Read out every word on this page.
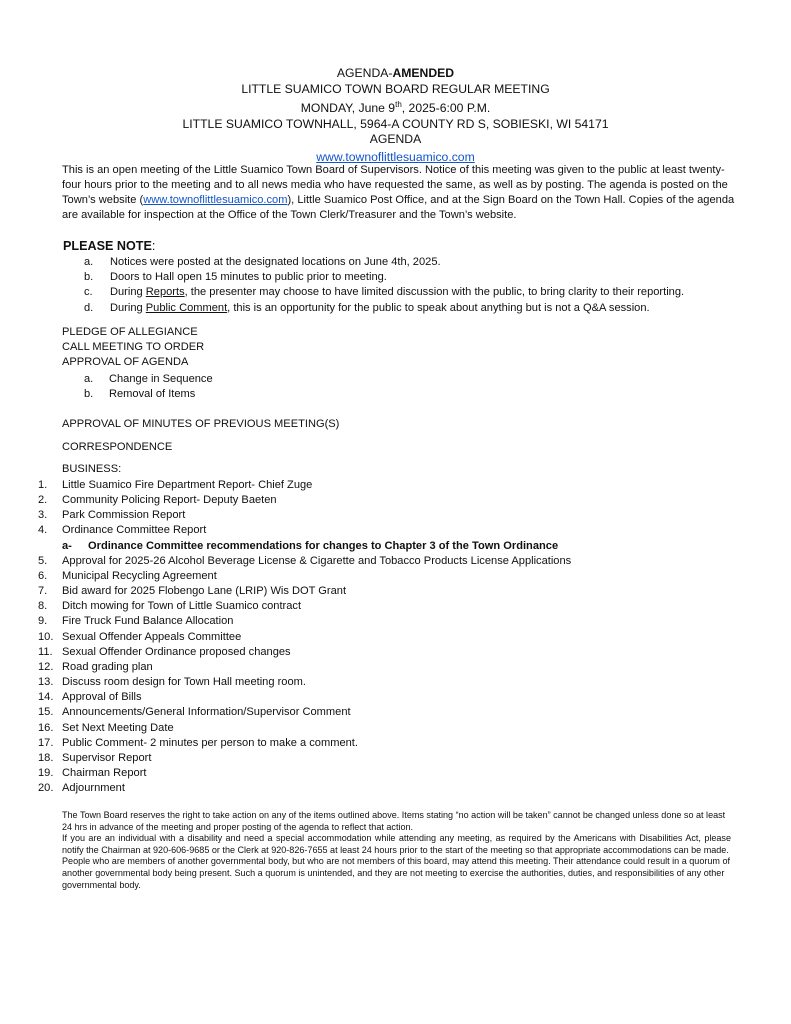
AGENDA-AMENDED
LITTLE SUAMICO TOWN BOARD REGULAR MEETING
MONDAY, June 9th, 2025-6:00 P.M.
LITTLE SUAMICO TOWNHALL, 5964-A COUNTY RD S, SOBIESKI, WI 54171
AGENDA
www.townoflittlesuamico.com
This is an open meeting of the Little Suamico Town Board of Supervisors. Notice of this meeting was given to the public at least twenty-four hours prior to the meeting and to all news media who have requested the same, as well as by posting. The agenda is posted on the Town’s website (www.townoflittlesuamico.com), Little Suamico Post Office, and at the Sign Board on the Town Hall. Copies of the agenda are available for inspection at the Office of the Town Clerk/Treasurer and the Town’s website.
PLEASE NOTE:
a. Notices were posted at the designated locations on June 4th, 2025.
b. Doors to Hall open 15 minutes to public prior to meeting.
c. During Reports, the presenter may choose to have limited discussion with the public, to bring clarity to their reporting.
d. During Public Comment, this is an opportunity for the public to speak about anything but is not a Q&A session.
PLEDGE OF ALLEGIANCE
CALL MEETING TO ORDER
APPROVAL OF AGENDA
a. Change in Sequence
b. Removal of Items
APPROVAL OF MINUTES OF PREVIOUS MEETING(S)
CORRESPONDENCE
BUSINESS:
1. Little Suamico Fire Department Report- Chief Zuge
2. Community Policing Report- Deputy Baeten
3. Park Commission Report
4. Ordinance Committee Report
a- Ordinance Committee recommendations for changes to Chapter 3 of the Town Ordinance
5. Approval for 2025-26 Alcohol Beverage License & Cigarette and Tobacco Products License Applications
6. Municipal Recycling Agreement
7. Bid award for 2025 Flobengo Lane (LRIP) Wis DOT Grant
8. Ditch mowing for Town of Little Suamico contract
9. Fire Truck Fund Balance Allocation
10. Sexual Offender Appeals Committee
11. Sexual Offender Ordinance proposed changes
12. Road grading plan
13. Discuss room design for Town Hall meeting room.
14. Approval of Bills
15. Announcements/General Information/Supervisor Comment
16. Set Next Meeting Date
17. Public Comment- 2 minutes per person to make a comment.
18. Supervisor Report
19. Chairman Report
20. Adjournment

The Town Board reserves the right to take action on any of the items outlined above. Items stating “no action will be taken” cannot be changed unless done so at least 24 hrs in advance of the meeting and proper posting of the agenda to reflect that action.

If you are an individual with a disability and need a special accommodation while attending any meeting, as required by the Americans with Disabilities Act, please notify the Chairman at 920-606-9685 or the Clerk at 920-826-7655 at least 24 hours prior to the start of the meeting so that appropriate accommodations can be made.

People who are members of another governmental body, but who are not members of this board, may attend this meeting. Their attendance could result in a quorum of another governmental body being present. Such a quorum is unintended, and they are not meeting to exercise the authorities, duties, and responsibilities of any other governmental body.
